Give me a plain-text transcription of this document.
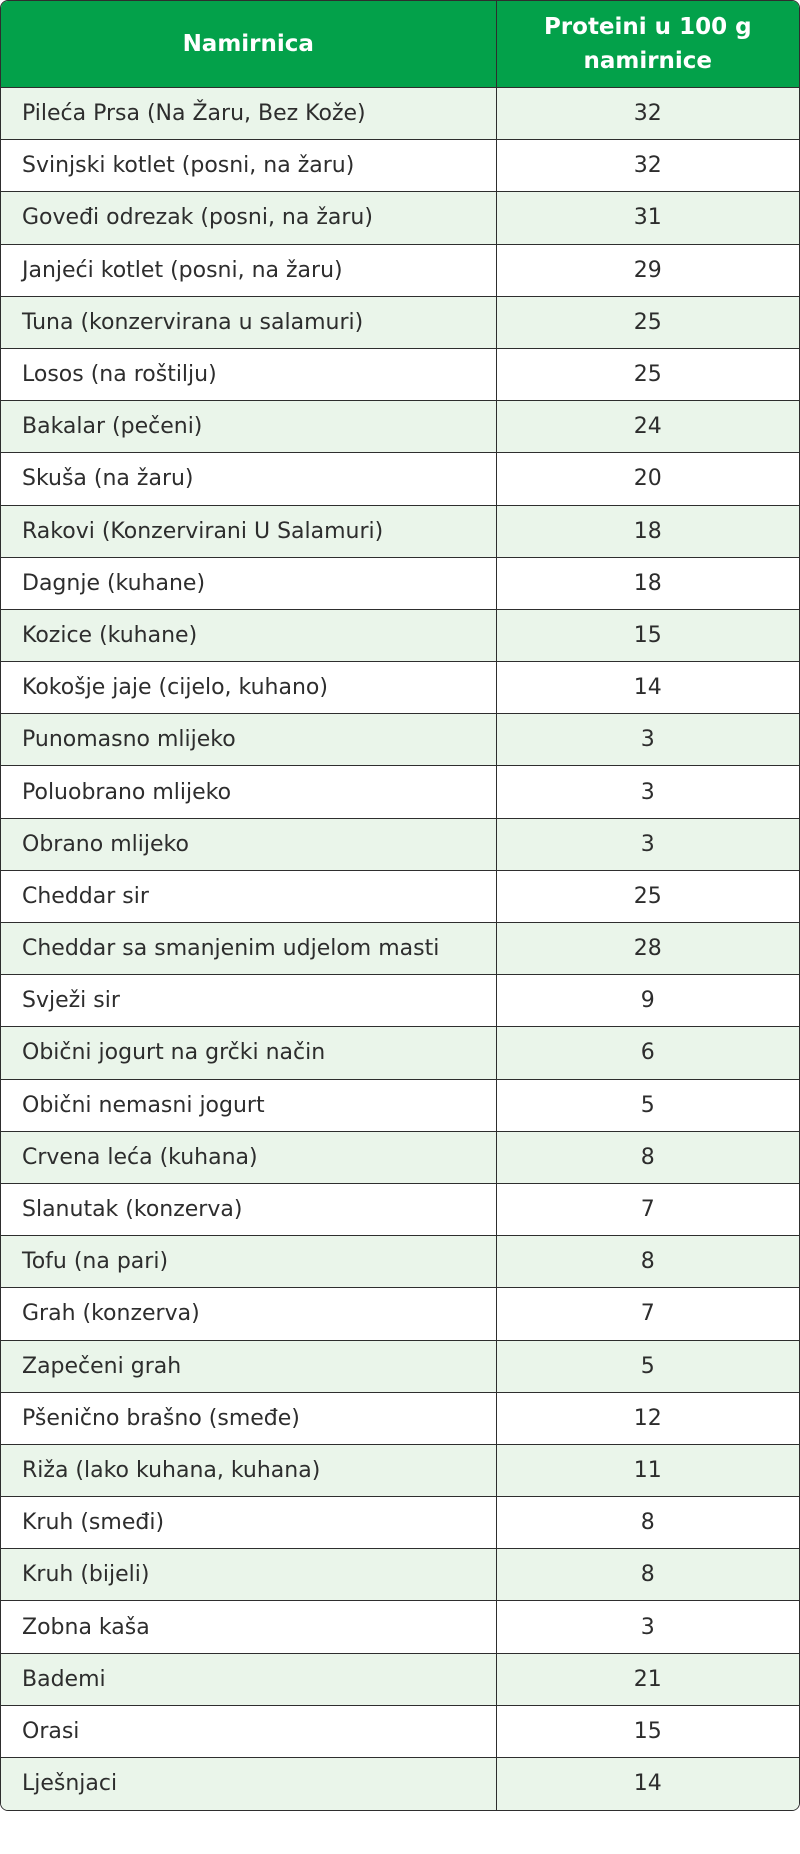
Namirnica	Proteini u 100 g namirnice
Pileća Prsa (Na Žaru, Bez Kože)	32
Svinjski kotlet (posni, na žaru)	32
Goveđi odrezak (posni, na žaru)	31
Janjeći kotlet (posni, na žaru)	29
Tuna (konzervirana u salamuri)	25
Losos (na roštilju)	25
Bakalar (pečeni)	24
Skuša (na žaru)	20
Rakovi (Konzervirani U Salamuri)	18
Dagnje (kuhane)	18
Kozice (kuhane)	15
Kokošje jaje (cijelo, kuhano)	14
Punomasno mlijeko	3
Poluobrano mlijeko	3
Obrano mlijeko	3
Cheddar sir	25
Cheddar sa smanjenim udjelom masti	28
Svježi sir	9
Obični jogurt na grčki način	6
Obični nemasni jogurt	5
Crvena leća (kuhana)	8
Slanutak (konzerva)	7
Tofu (na pari)	8
Grah (konzerva)	7
Zapečeni grah	5
Pšenično brašno (smeđe)	12
Riža (lako kuhana, kuhana)	11
Kruh (smeđi)	8
Kruh (bijeli)	8
Zobna kaša	3
Bademi	21
Orasi	15
Lješnjaci	14
